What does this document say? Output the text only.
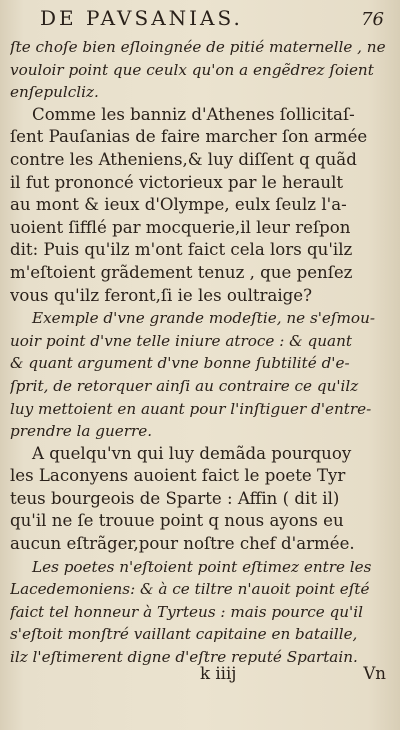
DE PAVSANIAS.	76
ſte choſe bien eſloingnée de pitié maternelle , ne
vouloir point que ceulx qu'on a engẽdrez ſoient
enſepulcliz.
Comme les banniz d'Athenes ſollicitaſ-
ſent Pauſanias de faire marcher ſon armée
contre les Atheniens,& luy diſſent q quãd
il fut prononcé victorieux par le herault
au mont & ieux d'Olympe, eulx ſeulz l'a-
uoient ſifflé par mocquerie,il leur reſpon
dit: Puis qu'ilz m'ont faict cela lors qu'ilz
m'eſtoient grãdement tenuz , que penſez
vous qu'ilz feront,ſi ie les oultraige?
Exemple d'vne grande modeſtie, ne s'eſmou-
uoir point d'vne telle iniure atroce : & quant
& quant argument d'vne bonne ſubtilité d'e-
ſprit, de retorquer ainſi au contraire ce qu'ilz
luy mettoient en auant pour l'inſtiguer d'entre-
prendre la guerre.
A quelqu'vn qui luy demãda pourquoy
les Laconyens auoient faict le poete Tyr
teus bourgeois de Sparte : Affin ( dit il)
qu'il ne ſe trouue point q nous ayons eu
aucun eſtrãger,pour noſtre chef d'armée.
Les poetes n'eſtoient point eſtimez entre les
Lacedemoniens: & à ce tiltre n'auoit point eſté
faict tel honneur à Tyrteus : mais pource qu'il
s'eſtoit monſtré vaillant capitaine en bataille,
ilz l'eſtimerent digne d'eſtre reputé Spartain.
k iiij	Vn
